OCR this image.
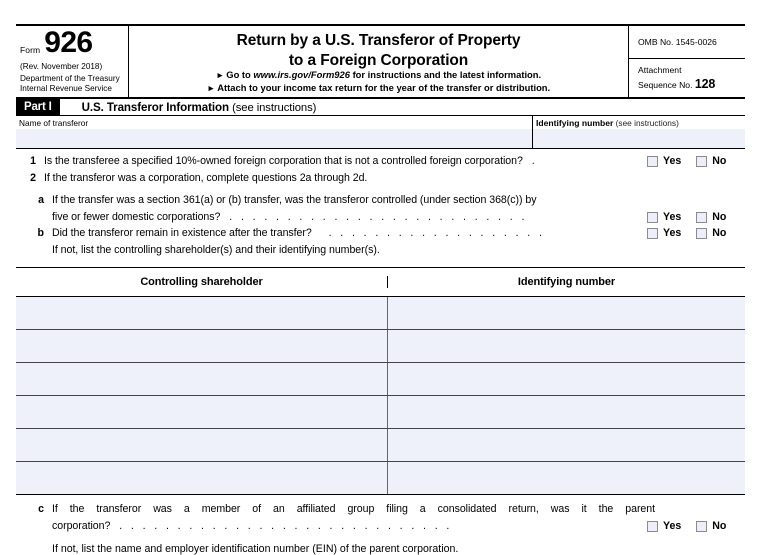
Form 926
(Rev. November 2018)
Department of the Treasury
Internal Revenue Service
Return by a U.S. Transferor of Property
to a Foreign Corporation
► Go to www.irs.gov/Form926 for instructions and the latest information.
► Attach to your income tax return for the year of the transfer or distribution.
OMB No. 1545-0026
Attachment
Sequence No. 128
Part I	U.S. Transferor Information (see instructions)
Name of transferor	Identifying number (see instructions)
1 Is the transferee a specified 10%-owned foreign corporation that is not a controlled foreign corporation? .	Yes	No
2 If the transferor was a corporation, complete questions 2a through 2d.
a If the transfer was a section 361(a) or (b) transfer, was the transferor controlled (under section 368(c)) by
five or fewer domestic corporations? . . . . . . . . . . . . . . . . . . . . . . . . . .	Yes	No
b Did the transferor remain in existence after the transfer? . . . . . . . . . . . . . . . . . . .	Yes	No
If not, list the controlling shareholder(s) and their identifying number(s).
Controlling shareholder	Identifying number
c If the transferor was a member of an affiliated group filing a consolidated return, was it the parent
corporation? . . . . . . . . . . . . . . . . . . . . . . . . . . . . .	Yes	No
If not, list the name and employer identification number (EIN) of the parent corporation.
